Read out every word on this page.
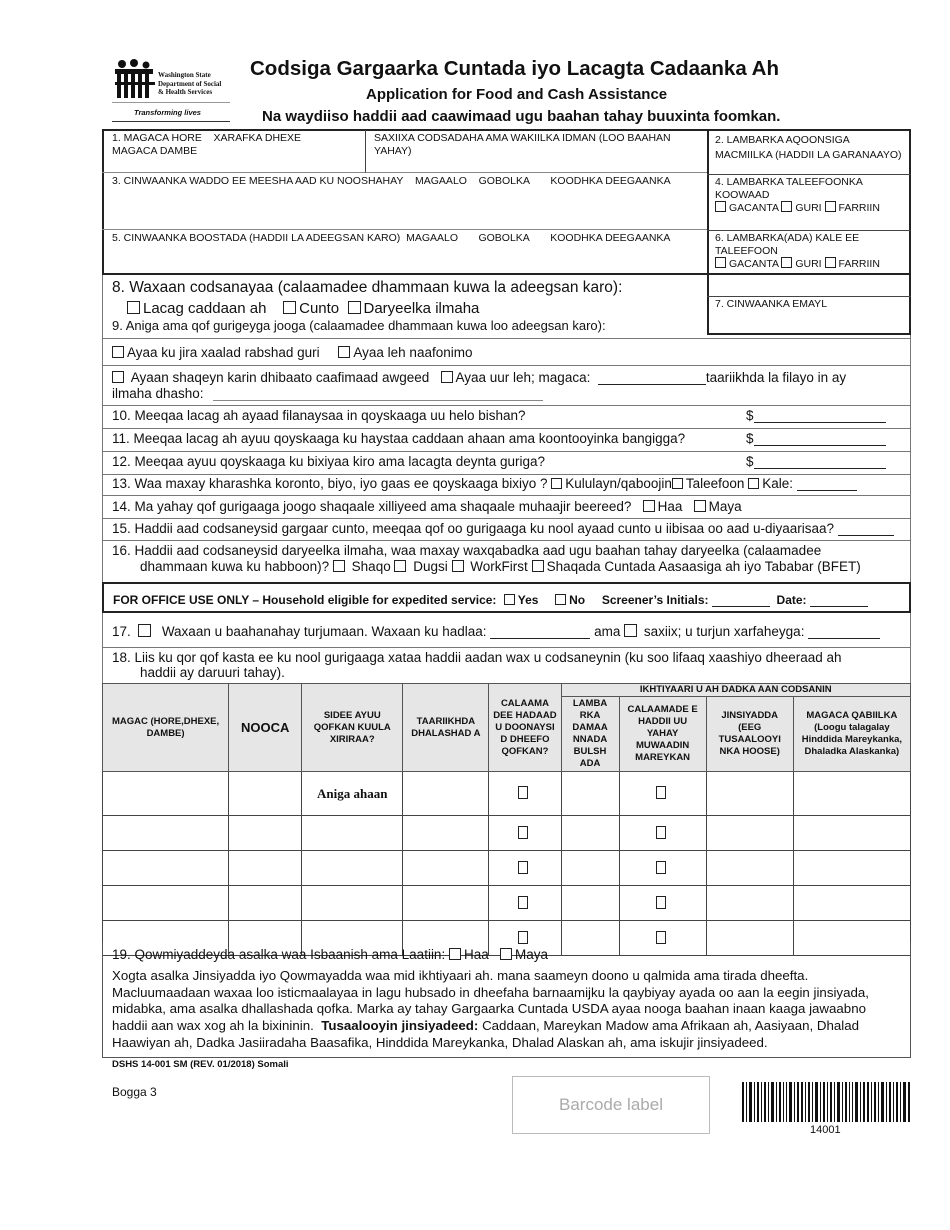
Washington State
Department of Social
& Health Services
Transforming lives
Codsiga Gargaarka Cuntada iyo Lacagta Cadaanka Ah
Application for Food and Cash Assistance
Na waydiiso haddii aad caawimaad ugu baahan tahay buuxinta foomkan.
1. MAGACA HORE XARAFKA DHEXE
MAGACA DAMBE
SAXIIXA CODSADAHA AMA WAKIILKA IDMAN (LOO BAAHAN YAHAY)
3. CINWAANKA WADDO EE MEESHA AAD KU NOOSHAHAY MAGAALO GOBOLKA KOODHKA DEEGAANKA
5. CINWAANKA BOOSTADA (HADDII LA ADEEGSAN KARO) MAGAALO GOBOLKA KOODHKA DEEGAANKA
2. LAMBARKA AQOONSIGA MACMIILKA (HADDII LA GARANAAYO)
4. LAMBARKA TALEEFOONKA KOOWAAD
GACANTA GURI FARRIIN
6. LAMBARKA(ADA) KALE EE TALEEFOON
GACANTA GURI FARRIIN
7. CINWAANKA EMAYL
8. Waxaan codsanayaa (calaamadee dhammaan kuwa la adeegsan karo):
Lacag caddaan ah Cunto Daryeelka ilmaha
9. Aniga ama qof gurigeyga jooga (calaamadee dhammaan kuwa loo adeegsan karo):
Ayaa ku jira xaalad rabshad guri	Ayaa leh naafonimo
Ayaan shaqeyn karin dhibaato caafimaad awgeed Ayaa uur leh; magaca:	taariikhda la filayo in ay
ilmaha dhasho:
10. Meeqaa lacag ah ayaad filanaysaa in qoyskaaga uu helo bishan?	$
11. Meeqaa lacag ah ayuu qoyskaaga ku haystaa caddaan ahaan ama koontooyinka bangigga?	$
12. Meeqaa ayuu qoyskaaga ku bixiyaa kiro ama lacagta deynta guriga?	$
13. Waa maxay kharashka koronto, biyo, iyo gaas ee qoyskaaga bixiyo ? Kululayn/qaboojin Taleefoon Kale:
14. Ma yahay qof gurigaaga joogo shaqaale xilliyeed ama shaqaale muhaajir beereed? Haa Maya
15. Haddii aad codsaneysid gargaar cunto, meeqaa qof oo gurigaaga ku nool ayaad cunto u iibisaa oo aad u-diyaarisaa?
16. Haddii aad codsaneysid daryeelka ilmaha, waa maxay waxqabadka aad ugu baahan tahay daryeelka (calaamadee
dhammaan kuwa ku habboon)? Shaqo Dugsi WorkFirst Shaqada Cuntada Aasaasiga ah iyo Tababar (BFET)
FOR OFFICE USE ONLY – Household eligible for expedited service: Yes	No Screener’s Initials:	Date:
17. Waxaan u baahanahay turjumaan. Waxaan ku hadlaa:	ama saxiix; u turjun xarfaheyga:
18. Liis ku qor qof kasta ee ku nool gurigaaga xataa haddii aadan wax u codsaneynin (ku soo lifaaq xaashiyo dheeraad ah
haddii ay daruuri tahay).
MAGAC (HORE,DHEXE, DAMBE)	NOOCA	SIDEE AYUU QOFKAN KUULA XIRIRAA?	TAARIIKHDA DHALASHAD A	CALAAMA DEE HADAAD U DOONAYSI D DHEEFO QOFKAN?	IKHTIYAARI U AH DADKA AAN CODSANIN			
					LAMBA RKA DAMAA NNADA BULSH ADA	CALAAMADE E HADDII UU YAHAY MUWAADIN MAREYKAN	JINSIYADDA (EEG TUSAALOOYI NKA HOOSE)	MAGACA QABIILKA (Loogu talagalay Hinddida Mareykanka, Dhaladka Alaskanka)
		Aniga ahaan						

19. Qowmiyaddeyda asalka waa Isbaanish ama Laatiin: Haa Maya
Xogta asalka Jinsiyadda iyo Qowmayadda waa mid ikhtiyaari ah. mana saameyn doono u qalmida ama tirada dheefta. Macluumaadaan waxaa loo isticmaalayaa in lagu hubsado in dheefaha barnaamijku la qaybiyay ayada oo aan la eegin jinsiyada, midabka, ama asalka dhallashada qofka. Marka ay tahay Gargaarka Cuntada USDA ayaa nooga baahan inaan kaaga jawaabno haddii aan wax xog ah la bixininin. Tusaalooyin jinsiyadeed: Caddaan, Mareykan Madow ama Afrikaan ah, Aasiyaan, Dhalad Haawiyan ah, Dadka Jasiiradaha Baasafika, Hinddida Mareykanka, Dhalad Alaskan ah, ama iskujir jinsiyadeed.
DSHS 14-001 SM (REV. 01/2018) Somali
Bogga 3
Barcode label
14001
